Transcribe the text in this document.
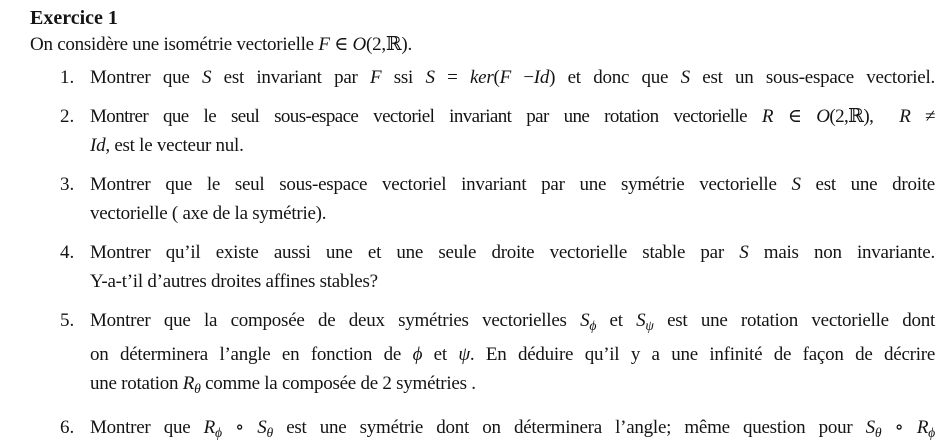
Exercice 1
On considère une isométrie vectorielle F ∈ O(2,ℝ).
1. Montrer que S est invariant par F ssi S = ker(F −Id) et donc que S est un sous-espace vectoriel.
2. Montrer que le seul sous-espace vectoriel invariant par une rotation vectorielle R ∈ O(2,ℝ), R ≠
Id, est le vecteur nul.
3. Montrer que le seul sous-espace vectoriel invariant par une symétrie vectorielle S est une droite
vectorielle ( axe de la symétrie).
4. Montrer qu’il existe aussi une et une seule droite vectorielle stable par S mais non invariante.
Y-a-t’il d’autres droites affines stables?
5. Montrer que la composée de deux symétries vectorielles $S_\phi$ et $S_\psi$ est une rotation vectorielle dont
on déterminera l’angle en fonction de ϕ et ψ. En déduire qu’il y a une infinité de façon de décrire
une rotation $R_\theta$ comme la composée de 2 symétries .
6. Montrer que $R_\phi$ ∘ $S_\theta$ est une symétrie dont on déterminera l’angle; même question pour $S_\theta$ ∘ $R_\phi$
